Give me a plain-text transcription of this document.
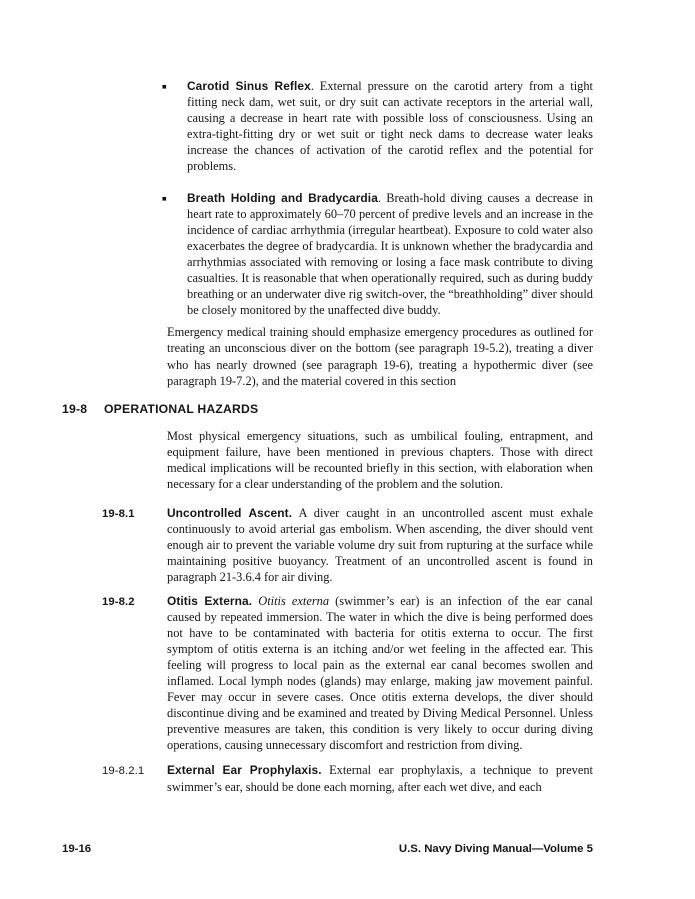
■	Carotid Sinus Reflex. External pressure on the carotid artery from a tight fitting neck dam, wet suit, or dry suit can activate receptors in the arterial wall, causing a decrease in heart rate with possible loss of consciousness. Using an extra-tight-fitting dry or wet suit or tight neck dams to decrease water leaks increase the chances of activation of the carotid reflex and the potential for problems.
■	Breath Holding and Bradycardia. Breath-hold diving causes a decrease in heart rate to approximately 60–70 percent of predive levels and an increase in the incidence of cardiac arrhythmia (irregular heartbeat). Exposure to cold water also exacerbates the degree of bradycardia. It is unknown whether the bradycardia and arrhythmias associated with removing or losing a face mask contribute to diving casualties. It is reasonable that when operationally required, such as during buddy breathing or an underwater dive rig switch-over, the “breathholding” diver should be closely monitored by the unaffected dive buddy.
Emergency medical training should emphasize emergency procedures as outlined for treating an unconscious diver on the bottom (see paragraph 19-5.2), treating a diver who has nearly drowned (see paragraph 19-6), treating a hypothermic diver (see paragraph 19-7.2), and the material covered in this section
19-8	OPERATIONAL HAZARDS
Most physical emergency situations, such as umbilical fouling, entrapment, and equipment failure, have been mentioned in previous chapters. Those with direct medical implications will be recounted briefly in this section, with elaboration when necessary for a clear understanding of the problem and the solution.
19-8.1	Uncontrolled Ascent. A diver caught in an uncontrolled ascent must exhale continuously to avoid arterial gas embolism. When ascending, the diver should vent enough air to prevent the variable volume dry suit from rupturing at the surface while maintaining positive buoyancy. Treatment of an uncontrolled ascent is found in paragraph 21-3.6.4 for air diving.
19-8.2	Otitis Externa. Otitis externa (swimmer’s ear) is an infection of the ear canal caused by repeated immersion. The water in which the dive is being performed does not have to be contaminated with bacteria for otitis externa to occur. The first symptom of otitis externa is an itching and/or wet feeling in the affected ear. This feeling will progress to local pain as the external ear canal becomes swollen and inflamed. Local lymph nodes (glands) may enlarge, making jaw movement painful. Fever may occur in severe cases. Once otitis externa develops, the diver should discontinue diving and be examined and treated by Diving Medical Personnel. Unless preventive measures are taken, this condition is very likely to occur during diving operations, causing unnecessary discomfort and restriction from diving.
19-8.2.1 External Ear Prophylaxis. External ear prophylaxis, a technique to prevent swimmer’s ear, should be done each morning, after each wet dive, and each
19-16	U.S. Navy Diving Manual—Volume 5
